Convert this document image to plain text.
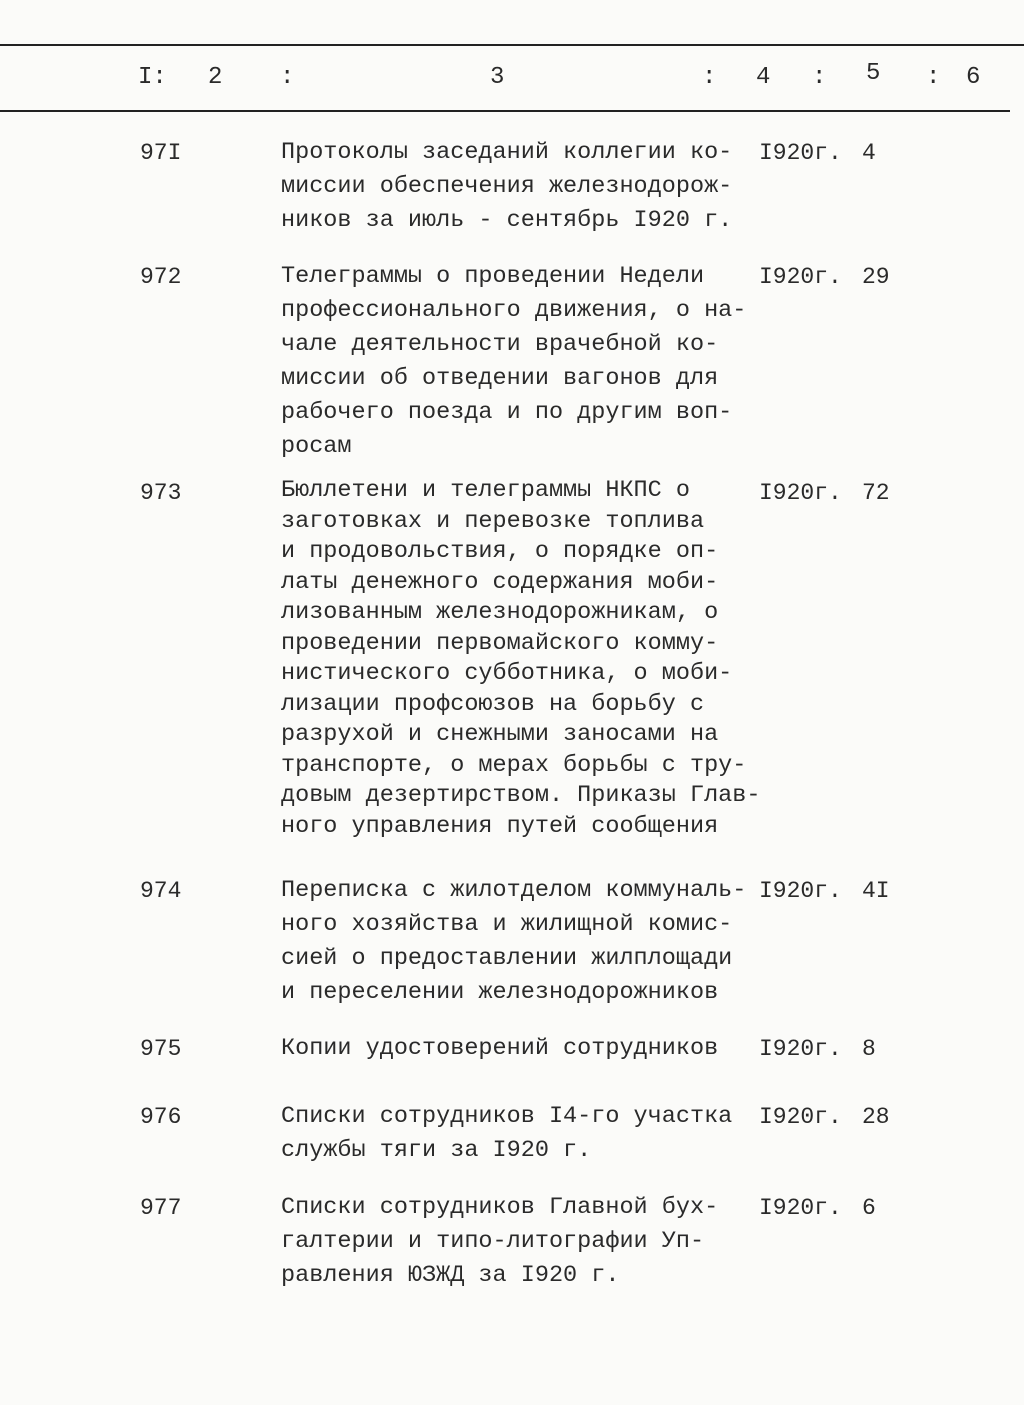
I: 2 :	3	: 4 : 5 : 6
97I	Протоколы заседаний коллегии ко-
миссии обеспечения железнодорож-
ников за июль - сентябрь I920 г.
I920г. 4
972	Телеграммы о проведении Недели
профессионального движения, о на-
чале деятельности врачебной ко-
миссии об отведении вагонов для
рабочего поезда и по другим воп-
росам
I920г. 29
973	Бюллетени и телеграммы НКПС о
заготовках и перевозке топлива
и продовольствия, о порядке оп-
латы денежного содержания моби-
лизованным железнодорожникам, о
проведении первомайского комму-
нистического субботника, о моби-
лизации профсоюзов на борьбу с
разрухой и снежными заносами на
транспорте, о мерах борьбы с тру-
довым дезертирством. Приказы Глав-
ного управления путей сообщения
I920г. 72
974	Переписка с жилотделом коммуналь-
ного хозяйства и жилищной комис-
сией о предоставлении жилплощади
и переселении железнодорожников
I920г. 4I
975	Копии удостоверений сотрудников I920г. 8
976	Списки сотрудников I4-го участка
службы тяги за I920 г.
I920г. 28
977	Списки сотрудников Главной бух-
галтерии и типо-литографии Уп-
равления ЮЗЖД за I920 г.
I920г. 6
